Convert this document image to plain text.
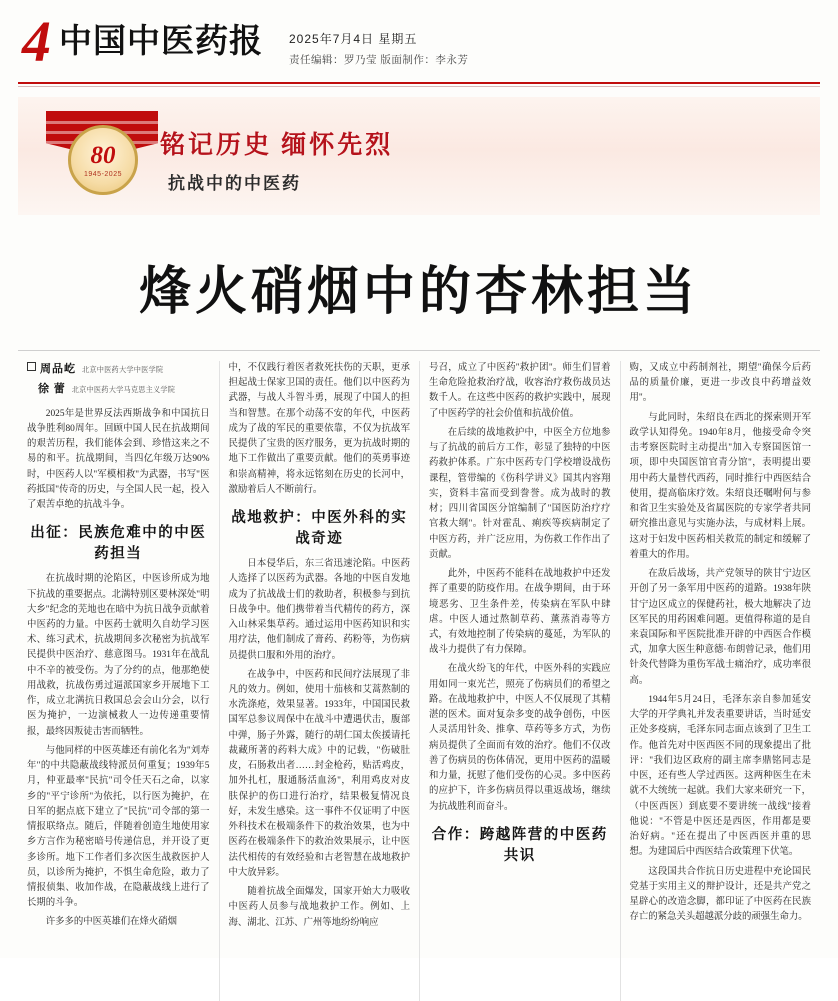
4 中国中医药报 2025年7月4日 星期五
责任编辑：罗乃莹 版面制作：李永芳
80
1945-2025
铭记历史 缅怀先烈
抗战中的中医药
烽火硝烟中的杏林担当
周品屹 北京中医药大学中医学院
徐 蕾 北京中医药大学马克思主义学院

2025年是世界反法西斯战争和中国抗日战争胜利80周年。回顾中国人民在抗战期间的艰苦历程，我们能体会到、珍惜这来之不易的和平。抗战期间，当四亿年级万达90%时，中医药人以"军模相救"为武器，书写"医药抵国"传奇的历史，与全国人民一起，投入了艰苦卓绝的抗战斗争。

出征：民族危难中的中医药担当

在抗战时期的沦陷区，中医诊所成为地下抗战的重要据点。北满特别区要林深处"明大乡"纪念的芜地也在暗中为抗日战争贡献着中医药的力量。中医药士就明久自幼学习医术、练习武术，抗战期间多次秘密为抗战军民提供中医治疗、慈意图马。1931年在战乱中不辛的被受伤。为了分约的点，他那绝使用战救，抗战伤勇过逼派国家乡开展地下工作，成立北满抗日救国总会会山分会，以行医为掩护，一边演械救人一边传递重要情报，最终因叛徒击害而牺牲。

与他同样的中医英雄还有前化名为"刘寿年"的中共隐蔽战线特派员何重复；1939年5月，仲亚最率"民抗"司令任天石之命，以家乡的"平宁诊所"为依托，以行医为掩护，在日军的据点底下建立了"民抗"司令部的第一情报联络点。随后，伴随着创造生地使用家乡方言作为秘密暗号传递信息，并开设了更多诊所。地下工作者们多次医生战救医护人员，以诊所为掩护，不惧生命危险，敢力了情报侦集、收加作战，在隐蔽战线上进行了长期的斗争。

许多多的中医英雄们在烽火硝烟

中，不仅践行着医者救死扶伤的天职，更承担起战士保家卫国的责任。他们以中医药为武器，与战人斗智斗勇，展现了中国人的担当和智慧。在那个动荡不安的年代，中医药成为了战的军民的重要依靠，不仅为抗战军民提供了宝贵的医疗服务，更为抗战时期的地下工作做出了重要贡献。他们的英勇事迹和崇高精神，将永远铭刻在历史的长河中，激励着后人不断前行。

战地救护：中医外科的实战奇迹

日本侵华后，东三省迅速沦陷。中医药人选择了以医药为武器。各地的中医自发地成为了抗战战士们的救助者，积极参与到抗日战争中。他们携带着当代精传的药方，深入山林采集草药。通过运用中医药知识和实用疗法，他们制成了膏药、药粉等，为伤病员提供口服和外用的治疗。

在战争中，中医药和民间疗法展现了非凡的效力。例如，使用十茄核和艾蒿熬制的水洗涤疮，效果显著。1933年，中国国民救国军总参议周保中在战斗中遭遇伏击，腹部中弹，肠子外露，随行的胡仁国太俟援请托裁藏所著的药料大成》中的记载，"伤破肚皮，石肠救出者……封金枪药，贴活鸡皮，加外扎杠，服通肠活血汤"，利用鸡皮对皮肤保护的伤口进行治疗，结果极复情况良好，未发生感染。这一事件不仅证明了中医外科技术在极端条件下的救治效果，也为中医药在极端条件下的救治效果展示，让中医法代相传的有效经验和古老智慧在战地救护中大放异彩。

随着抗战全面爆发，国家开始大力吸收中医药人员参与战地救护工作。例如、上海、湖北、江苏、广州等地纷纷响应

号召，成立了中医药"救护团"。师生们冒着生命危险抢救治疗战，收容治疗救伤战员达数千人。在这些中医药的救护实践中，展现了中医药学的社会价值和抗战价值。

在后续的战地救护中，中医全方位地参与了抗战的前后方工作，彰显了独特的中医药救护体系。广东中医药专门学校增设战伤课程，管带编的《伤科学讲义》国其内容翔实，资料丰富而受到誊誉。成为战时的教材；四川省国医分馆编制了"国医防治疗疗官救大纲"。针对霍乱、痢疾等疾病制定了中医方药，并广泛应用，为伤救工作作出了贡献。

此外，中医药不能科在战地救护中还发挥了重要的防疫作用。在战争期间，由于环境恶劣、卫生条件差，传染病在军队中肆虐。中医人通过熬制草药、薰蒸消毒等方式，有效地控制了传染病的蔓延，为军队的战斗力提供了有力保障。

在战火纷飞的年代，中医外科的实践应用如同一束光芒，照亮了伤病员们的希望之路。在战地救护中，中医人不仅展现了其精湛的医术。面对复杂多变的战争创伤，中医人灵活用针灸、推拿、草药等多方式，为伤病员提供了全面而有效的治疗。他们不仅改善了伤病员的伤体倩况，更用中医药的温暖和力量，抚慰了他们受伤的心灵。多中医药的应护下，许多伤病员得以重返战场，继续为抗战胜利而奋斗。

合作：跨越阵营的中医药共识

购，又成立中药制剂社，期望"确保今后药品的质量价廉，更进一步改良中药增益效用"。

与此同时，朱绍良在西北的探索则开军政学认知得免。1940年8月，他接受命令突击考察医院时主动提出"加入专察国医馆一项，即中央国医馆官青分馆"，表明提出要用中药大量替代西药，同时推行中西医结合使用，提高临床疗效。朱绍良还嘱咐何与参和省卫生实验处及省属医院的专家学者共同研究推出意见与实施办法，与成材料上展。这对于妇发中医药相关救荒的制定和缓解了着重大的作用。

在敌后战场，共产党领导的陕甘宁边区开创了另一条军用中医药的道路。1938年陕甘宁边区成立的保健药社，极大地解决了边区军民的用药困难问题。更值得称道的是自来袁国际和平医院批准开辟的中西医合作模式，加拿大医生种意德·布朗曾记录，他们用针灸代替降为重伤军战士痛治疗，成功率很高。

1944年5月24日，毛泽东亲自参加延安大学的开学典礼并发表重要讲话，当时延安正处多疫病，毛泽东同志面点该到了卫生工作。他首先对中医西医不同的现象提出了批评："我们边区政府的副主席李鼎铭同志是中医，还有些人学过西医。这两种医生在未就不大统统一起就。我们大家来研究一下，（中医西医）到底要不要讲统一战线"接着他说："不管是中医还是西医，作用都是要治好病。"还在提出了中医西医并重的思想。为建国后中西医结合政策理下伏笔。

这段国共合作抗日历史进程中充论国民党基于实用主义的辩护设计，还是共产党之星辟心的改造念脚，都印证了中医药在民族存亡的紧急关头超越派分歧的顽强生命力。
